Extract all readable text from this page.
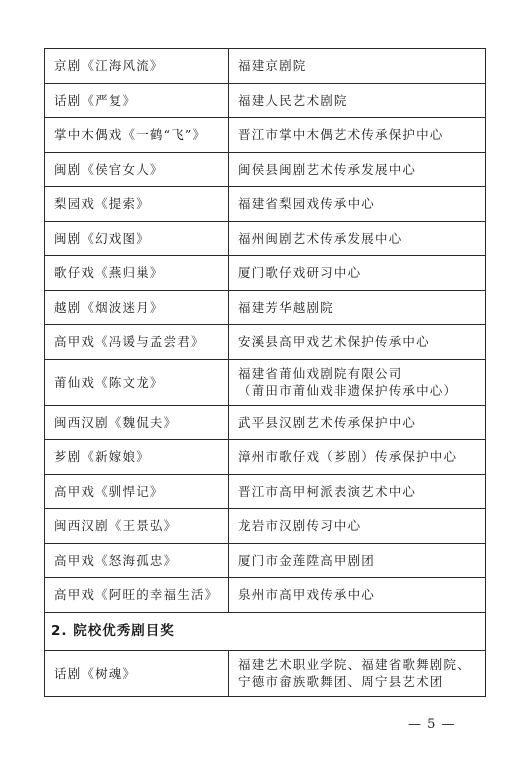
京剧《江海风流》	福建京剧院

话剧《严复》	福建人民艺术剧院

掌中木偶戏《一鹤“飞”》	晋江市掌中木偶艺术传承保护中心

闽剧《侯官女人》	闽侯县闽剧艺术传承发展中心

梨园戏《提索》	福建省梨园戏传承中心

闽剧《幻戏图》	福州闽剧艺术传承发展中心

歌仔戏《燕归巢》	厦门歌仔戏研习中心

越剧《烟波迷月》	福建芳华越剧院

高甲戏《冯谖与孟尝君》	安溪县高甲戏艺术保护传承中心

莆仙戏《陈文龙》	福建省莆仙戏剧院有限公司
（莆田市莆仙戏非遗保护传承中心）

闽西汉剧《魏侃夫》	武平县汉剧艺术传承保护中心

芗剧《新嫁娘》	漳州市歌仔戏（芗剧）传承保护中心

高甲戏《驯悍记》	晋江市高甲柯派表演艺术中心

闽西汉剧《王景弘》	龙岩市汉剧传习中心

高甲戏《怒海孤忠》	厦门市金莲陞高甲剧团

高甲戏《阿旺的幸福生活》	泉州市高甲戏传承中心

2. 院校优秀剧目奖	
话剧《树魂》	福建艺术职业学院、福建省歌舞剧院、
宁德市畲族歌舞团、周宁县艺术团
— 5 —
